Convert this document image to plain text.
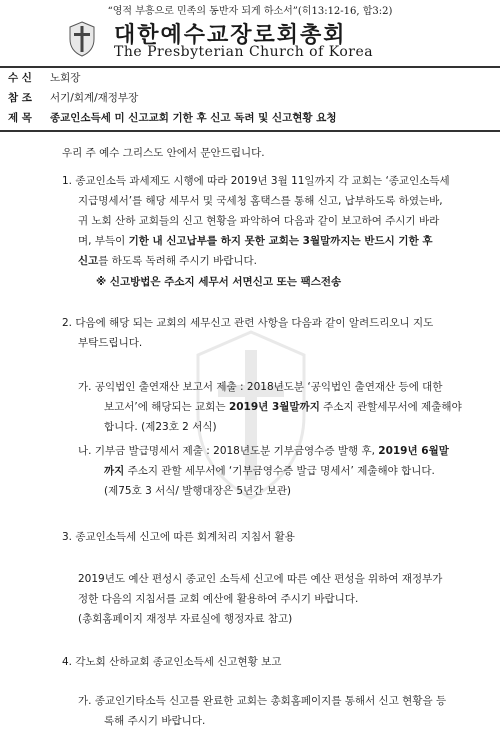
“영적 부흥으로 민족의 동반자 되게 하소서”(히13:12-16, 합3:2)
대한예수교장로회총회
The Presbyterian Church of Korea
수 신 노회장
참 조 서기/회계/재정부장
제 목 종교인소득세 미 신고교회 기한 후 신고 독려 및 신고현황 요청
우리 주 예수 그리스도 안에서 문안드립니다.
1. 종교인소득 과세제도 시행에 따라 2019년 3월 11일까지 각 교회는 ‘종교인소득세
지급명세서’를 해당 세무서 및 국세청 홈택스를 통해 신고, 납부하도록 하였는바,
귀 노회 산하 교회들의 신고 현황을 파악하여 다음과 같이 보고하여 주시기 바라
며, 부득이 기한 내 신고납부를 하지 못한 교회는 3월말까지는 반드시 기한 후
신고를 하도록 독려해 주시기 바랍니다.
※ 신고방법은 주소지 세무서 서면신고 또는 팩스전송
2. 다음에 해당 되는 교회의 세무신고 관련 사항을 다음과 같이 알려드리오니 지도
부탁드립니다.
가. 공익법인 출연재산 보고서 제출 : 2018년도분 ‘공익법인 출연재산 등에 대한
보고서’에 해당되는 교회는 2019년 3월말까지 주소지 관할세무서에 제출해야
합니다. (제23호 2 서식)
나. 기부금 발급명세서 제출 : 2018년도분 기부금영수증 발행 후, 2019년 6월말
까지 주소지 관할 세무서에 ‘기부금영수증 발급 명세서’ 제출해야 합니다.
(제75호 3 서식/ 발행대장은 5년간 보관)
3. 종교인소득세 신고에 따른 회계처리 지침서 활용
2019년도 예산 편성시 종교인 소득세 신고에 따른 예산 편성을 위하여 재정부가
정한 다음의 지침서를 교회 예산에 활용하여 주시기 바랍니다.
(총회홈페이지 재정부 자료실에 행정자료 참고)
4. 각노회 산하교회 종교인소득세 신고현황 보고
가. 종교인기타소득 신고를 완료한 교회는 총회홈페이지를 통해서 신고 현황을 등
록해 주시기 바랍니다.
